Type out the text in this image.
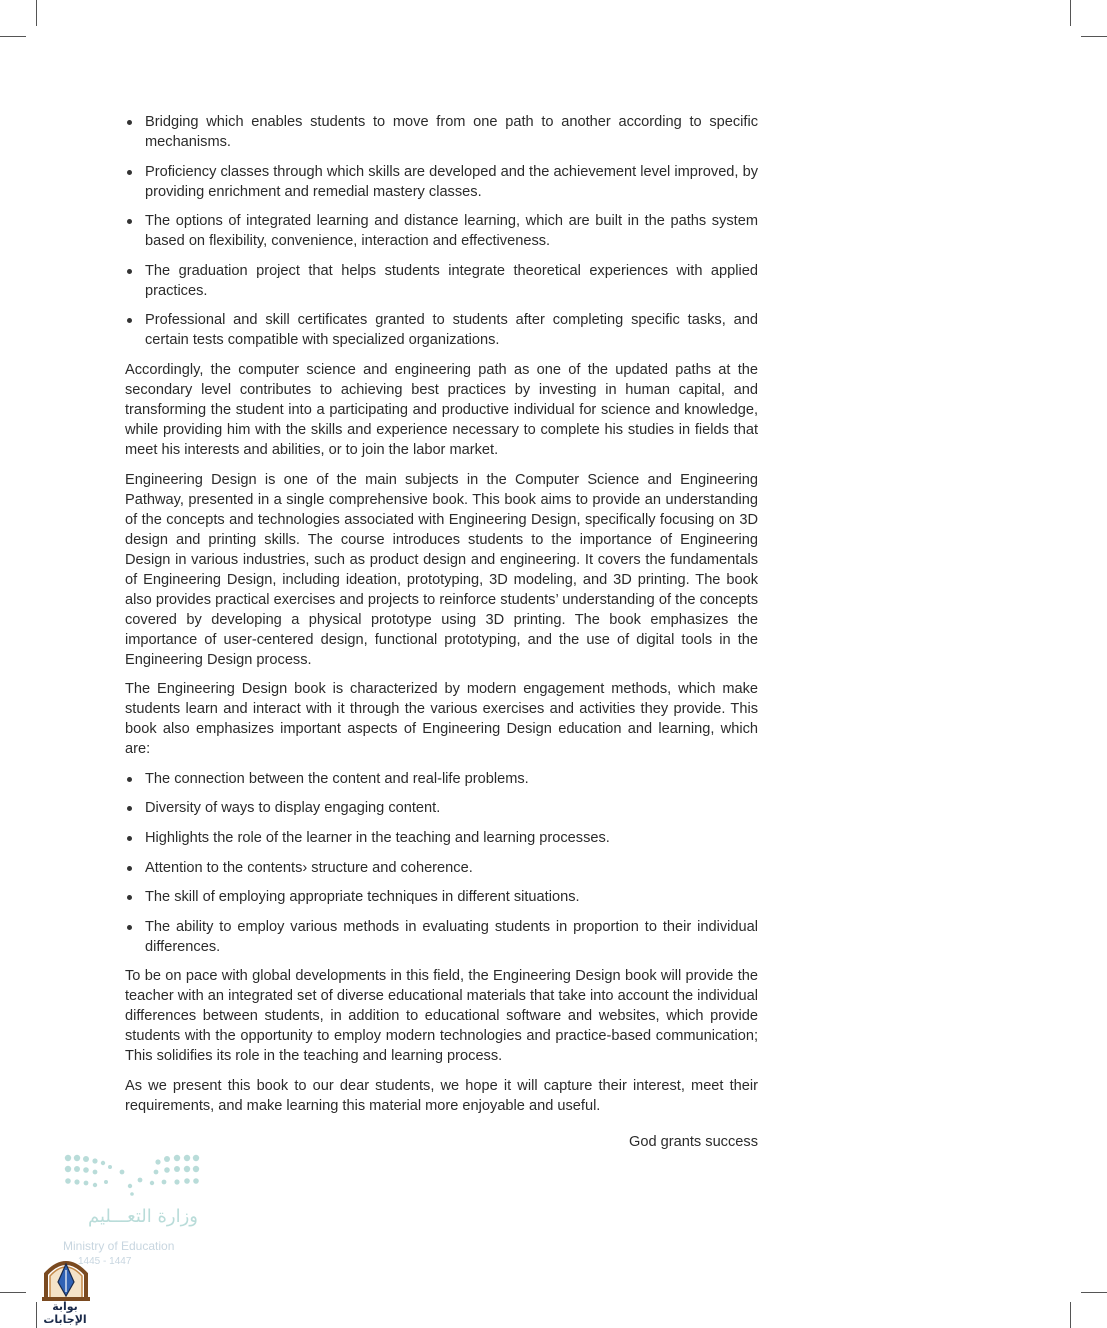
Bridging which enables students to move from one path to another according to specific mechanisms.
Proficiency classes through which skills are developed and the achievement level improved, by providing enrichment and remedial mastery classes.
The options of integrated learning and distance learning, which are built in the paths system based on flexibility, convenience, interaction and effectiveness.
The graduation project that helps students integrate theoretical experiences with applied practices.
Professional and skill certificates granted to students after completing specific tasks, and certain tests compatible with specialized organizations.

Accordingly, the computer science and engineering path as one of the updated paths at the secondary level contributes to achieving best practices by investing in human capital, and transforming the student into a participating and productive individual for science and knowledge, while providing him with the skills and experience necessary to complete his studies in fields that meet his interests and abilities, or to join the labor market.

Engineering Design is one of the main subjects in the Computer Science and Engineering Pathway, presented in a single comprehensive book. This book aims to provide an understanding of the concepts and technologies associated with Engineering Design, specifically focusing on 3D design and printing skills. The course introduces students to the importance of Engineering Design in various industries, such as product design and engineering. It covers the fundamentals of Engineering Design, including ideation, prototyping, 3D modeling, and 3D printing. The book also provides practical exercises and projects to reinforce students’ understanding of the concepts covered by developing a physical prototype using 3D printing. The book emphasizes the importance of user-centered design, functional prototyping, and the use of digital tools in the Engineering Design process.

The Engineering Design book is characterized by modern engagement methods, which make students learn and interact with it through the various exercises and activities they provide. This book also emphasizes important aspects of Engineering Design education and learning, which are:

The connection between the content and real-life problems.
Diversity of ways to display engaging content.
Highlights the role of the learner in the teaching and learning processes.
Attention to the contents› structure and coherence.
The skill of employing appropriate techniques in different situations.
The ability to employ various methods in evaluating students in proportion to their individual differences.

To be on pace with global developments in this field, the Engineering Design book will provide the teacher with an integrated set of diverse educational materials that take into account the individual differences between students, in addition to educational software and websites, which provide students with the opportunity to employ modern technologies and practice-based communication; This solidifies its role in the teaching and learning process.

As we present this book to our dear students, we hope it will capture their interest, meet their requirements, and make learning this material more enjoyable and useful.

God grants success
وزارة التعـــليم
Ministry of Education
1445 - 1447
بوابة الإجابات
